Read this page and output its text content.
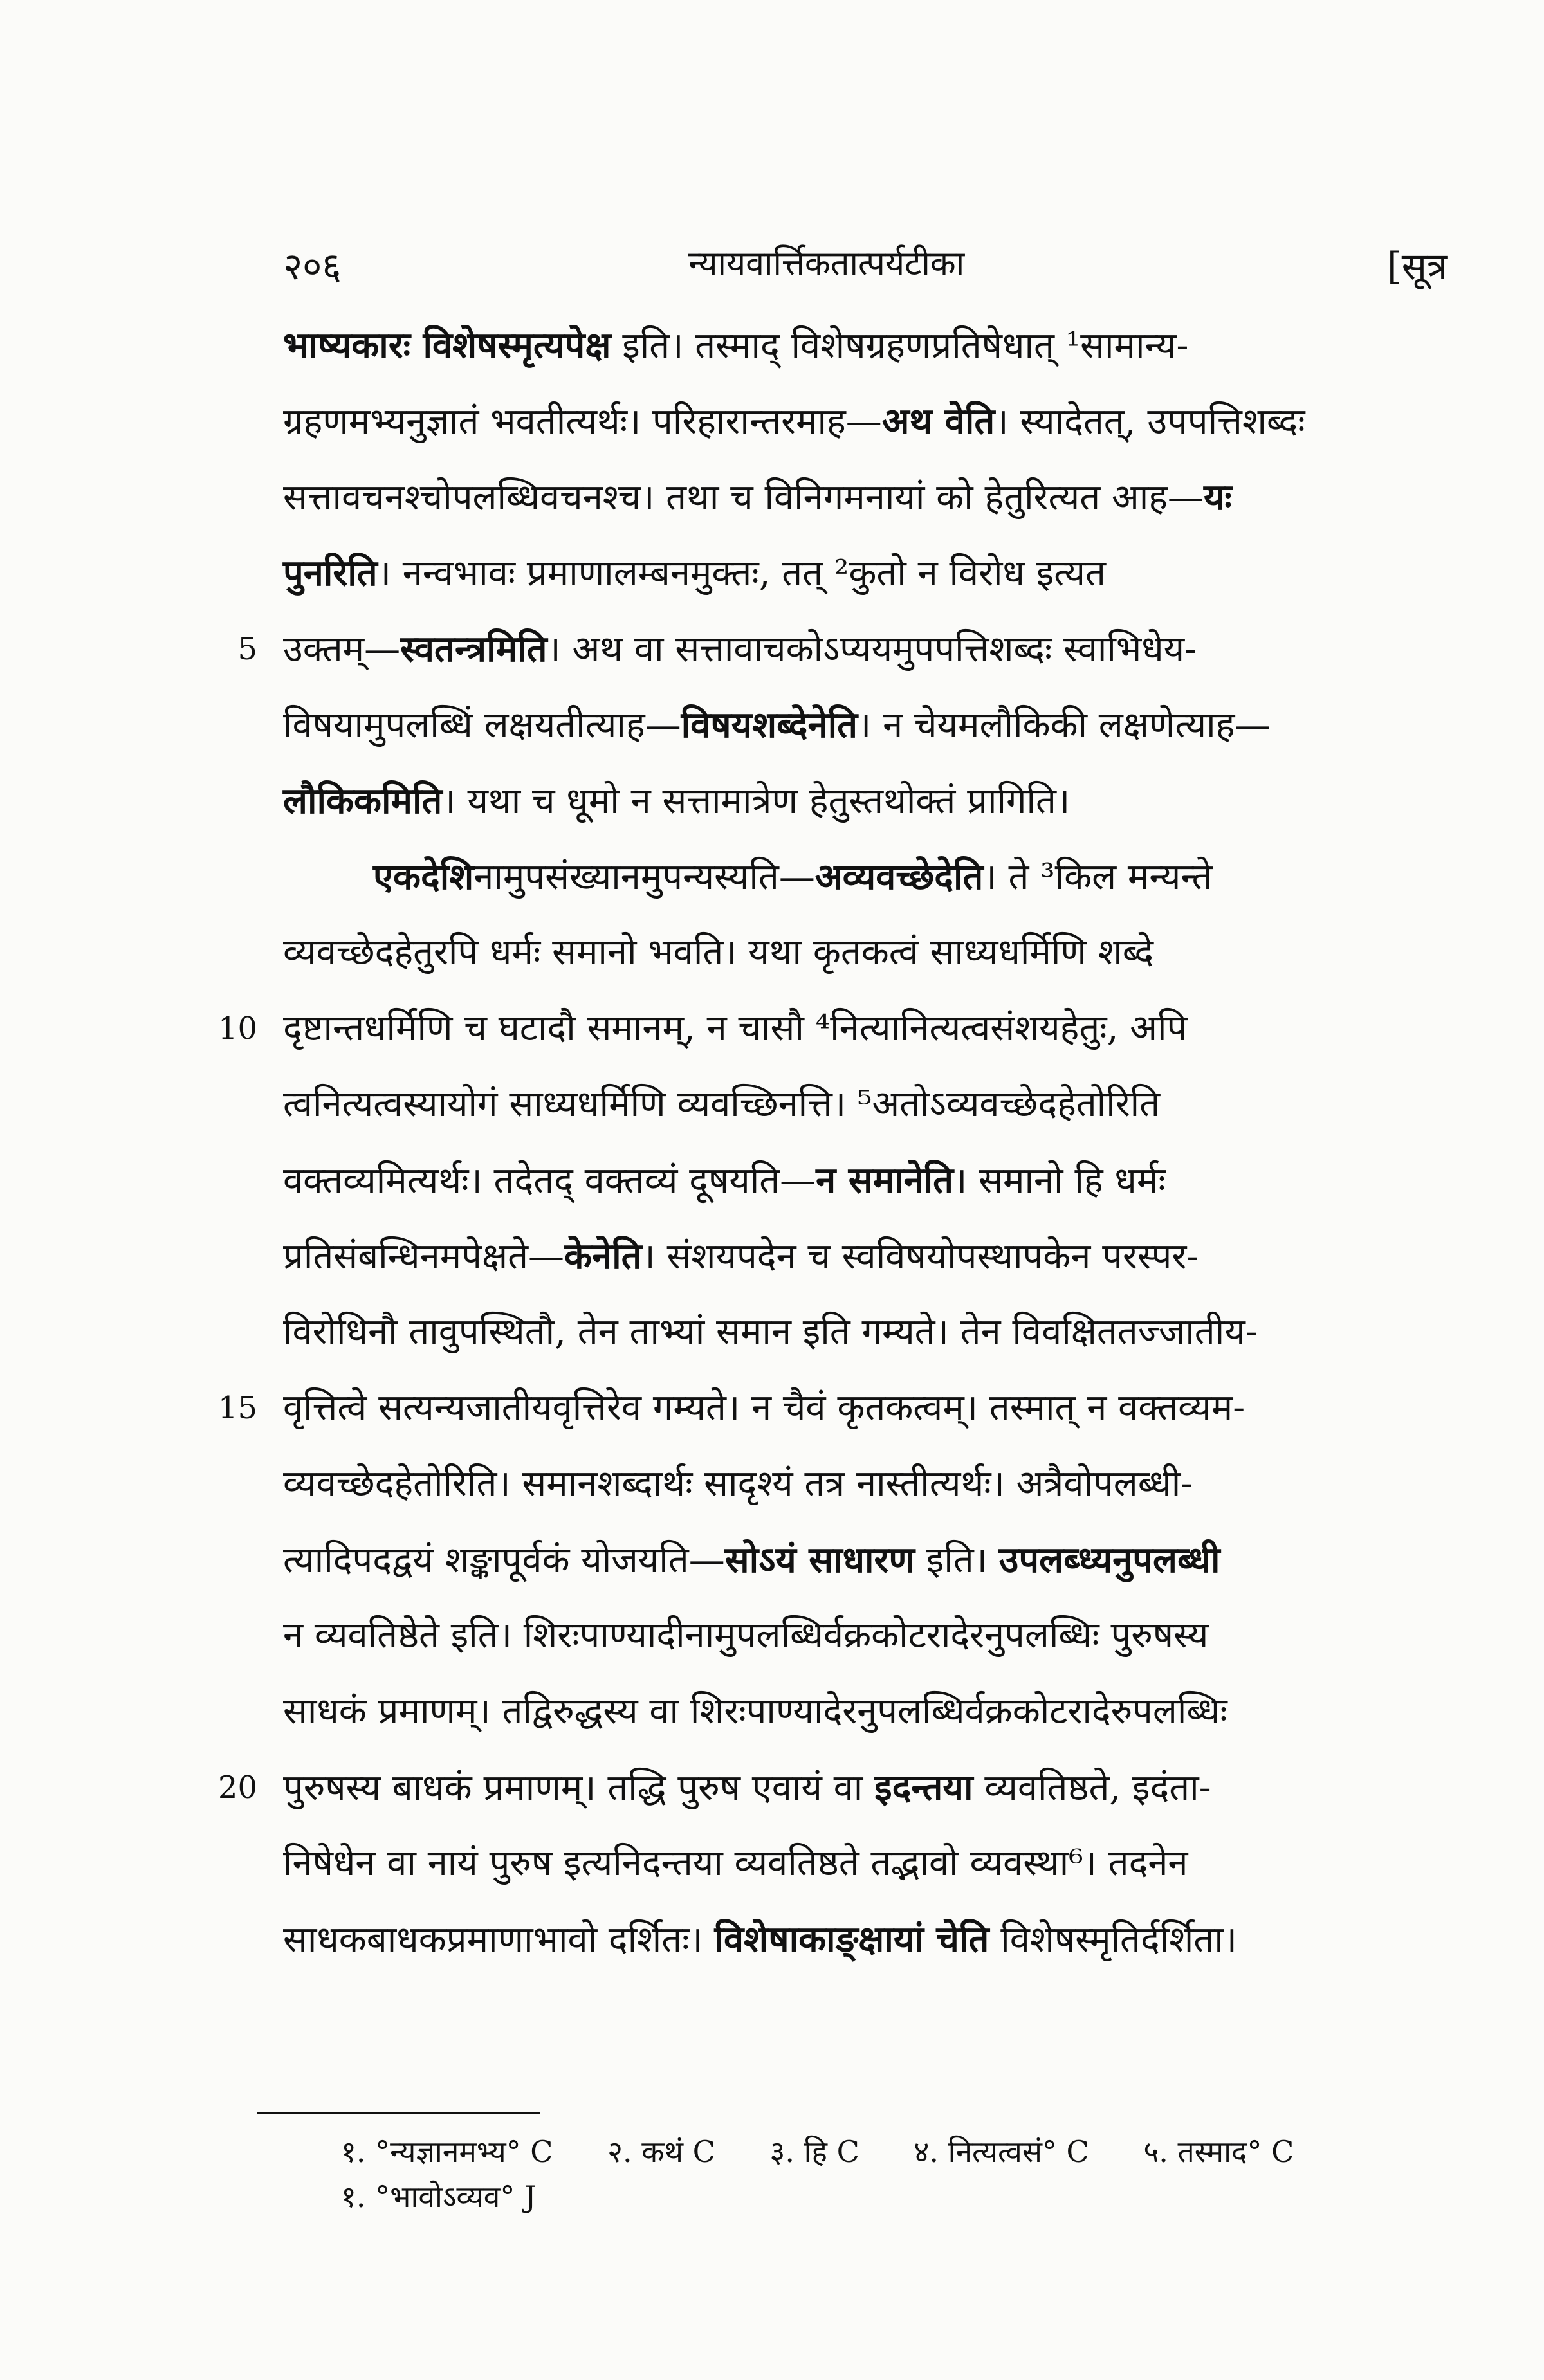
२०६	न्यायवार्त्तिकतात्पर्यटीका	[सूत्र
भाष्यकारः विशेषस्मृत्यपेक्ष इति। तस्माद् विशेषग्रहणप्रतिषेधात् ¹सामान्य-
ग्रहणमभ्यनुज्ञातं भवतीत्यर्थः। परिहारान्तरमाह—अथ वेति। स्यादेतत्, उपपत्तिशब्दः
सत्तावचनश्चोपलब्धिवचनश्च। तथा च विनिगमनायां को हेतुरित्यत आह—यः
पुनरिति। नन्वभावः प्रमाणालम्बनमुक्तः, तत् ²कुतो न विरोध इत्यत
5 उक्तम्—स्वतन्त्रमिति। अथ वा सत्तावाचकोऽप्ययमुपपत्तिशब्दः स्वाभिधेय-
विषयामुपलब्धिं लक्षयतीत्याह—विषयशब्देनेति। न चेयमलौकिकी लक्षणेत्याह—
लौकिकमिति। यथा च धूमो न सत्तामात्रेण हेतुस्तथोक्तं प्रागिति।
एकदेशिनामुपसंख्यानमुपन्यस्यति—अव्यवच्छेदेति। ते ³किल मन्यन्ते
व्यवच्छेदहेतुरपि धर्मः समानो भवति। यथा कृतकत्वं साध्यधर्मिणि शब्दे
10 दृष्टान्तधर्मिणि च घटादौ समानम्, न चासौ ⁴नित्यानित्यत्वसंशयहेतुः, अपि
त्वनित्यत्वस्यायोगं साध्यधर्मिणि व्यवच्छिनत्ति। ⁵अतोऽव्यवच्छेदहेतोरिति
वक्तव्यमित्यर्थः। तदेतद् वक्तव्यं दूषयति—न समानेति। समानो हि धर्मः
प्रतिसंबन्धिनमपेक्षते—केनेति। संशयपदेन च स्वविषयोपस्थापकेन परस्पर-
विरोधिनौ तावुपस्थितौ, तेन ताभ्यां समान इति गम्यते। तेन विवक्षिततज्जातीय-
15 वृत्तित्वे सत्यन्यजातीयवृत्तिरेव गम्यते। न चैवं कृतकत्वम्। तस्मात् न वक्तव्यम-
व्यवच्छेदहेतोरिति। समानशब्दार्थः सादृश्यं तत्र नास्तीत्यर्थः। अत्रैवोपलब्धी-
त्यादिपदद्वयं शङ्कापूर्वकं योजयति—सोऽयं साधारण इति। उपलब्ध्यनुपलब्धी
न व्यवतिष्ठेते इति। शिरःपाण्यादीनामुपलब्धिर्वक्रकोटरादेरनुपलब्धिः पुरुषस्य
साधकं प्रमाणम्। तद्विरुद्धस्य वा शिरःपाण्यादेरनुपलब्धिर्वक्रकोटरादेरुपलब्धिः
20 पुरुषस्य बाधकं प्रमाणम्। तद्धि पुरुष एवायं वा इदन्तया व्यवतिष्ठते, इदंता-
निषेधेन वा नायं पुरुष इत्यनिदन्तया व्यवतिष्ठते तद्भावो व्यवस्था⁶। तदनेन
साधकबाधकप्रमाणाभावो दर्शितः। विशेषाकाङ्क्षायां चेति विशेषस्मृतिर्दर्शिता।
१. °न्यज्ञानमभ्य° C २. कथं C ३. हि C ४. नित्यत्वसं° C ५. तस्माद° C
१. °भावोऽव्यव° J
